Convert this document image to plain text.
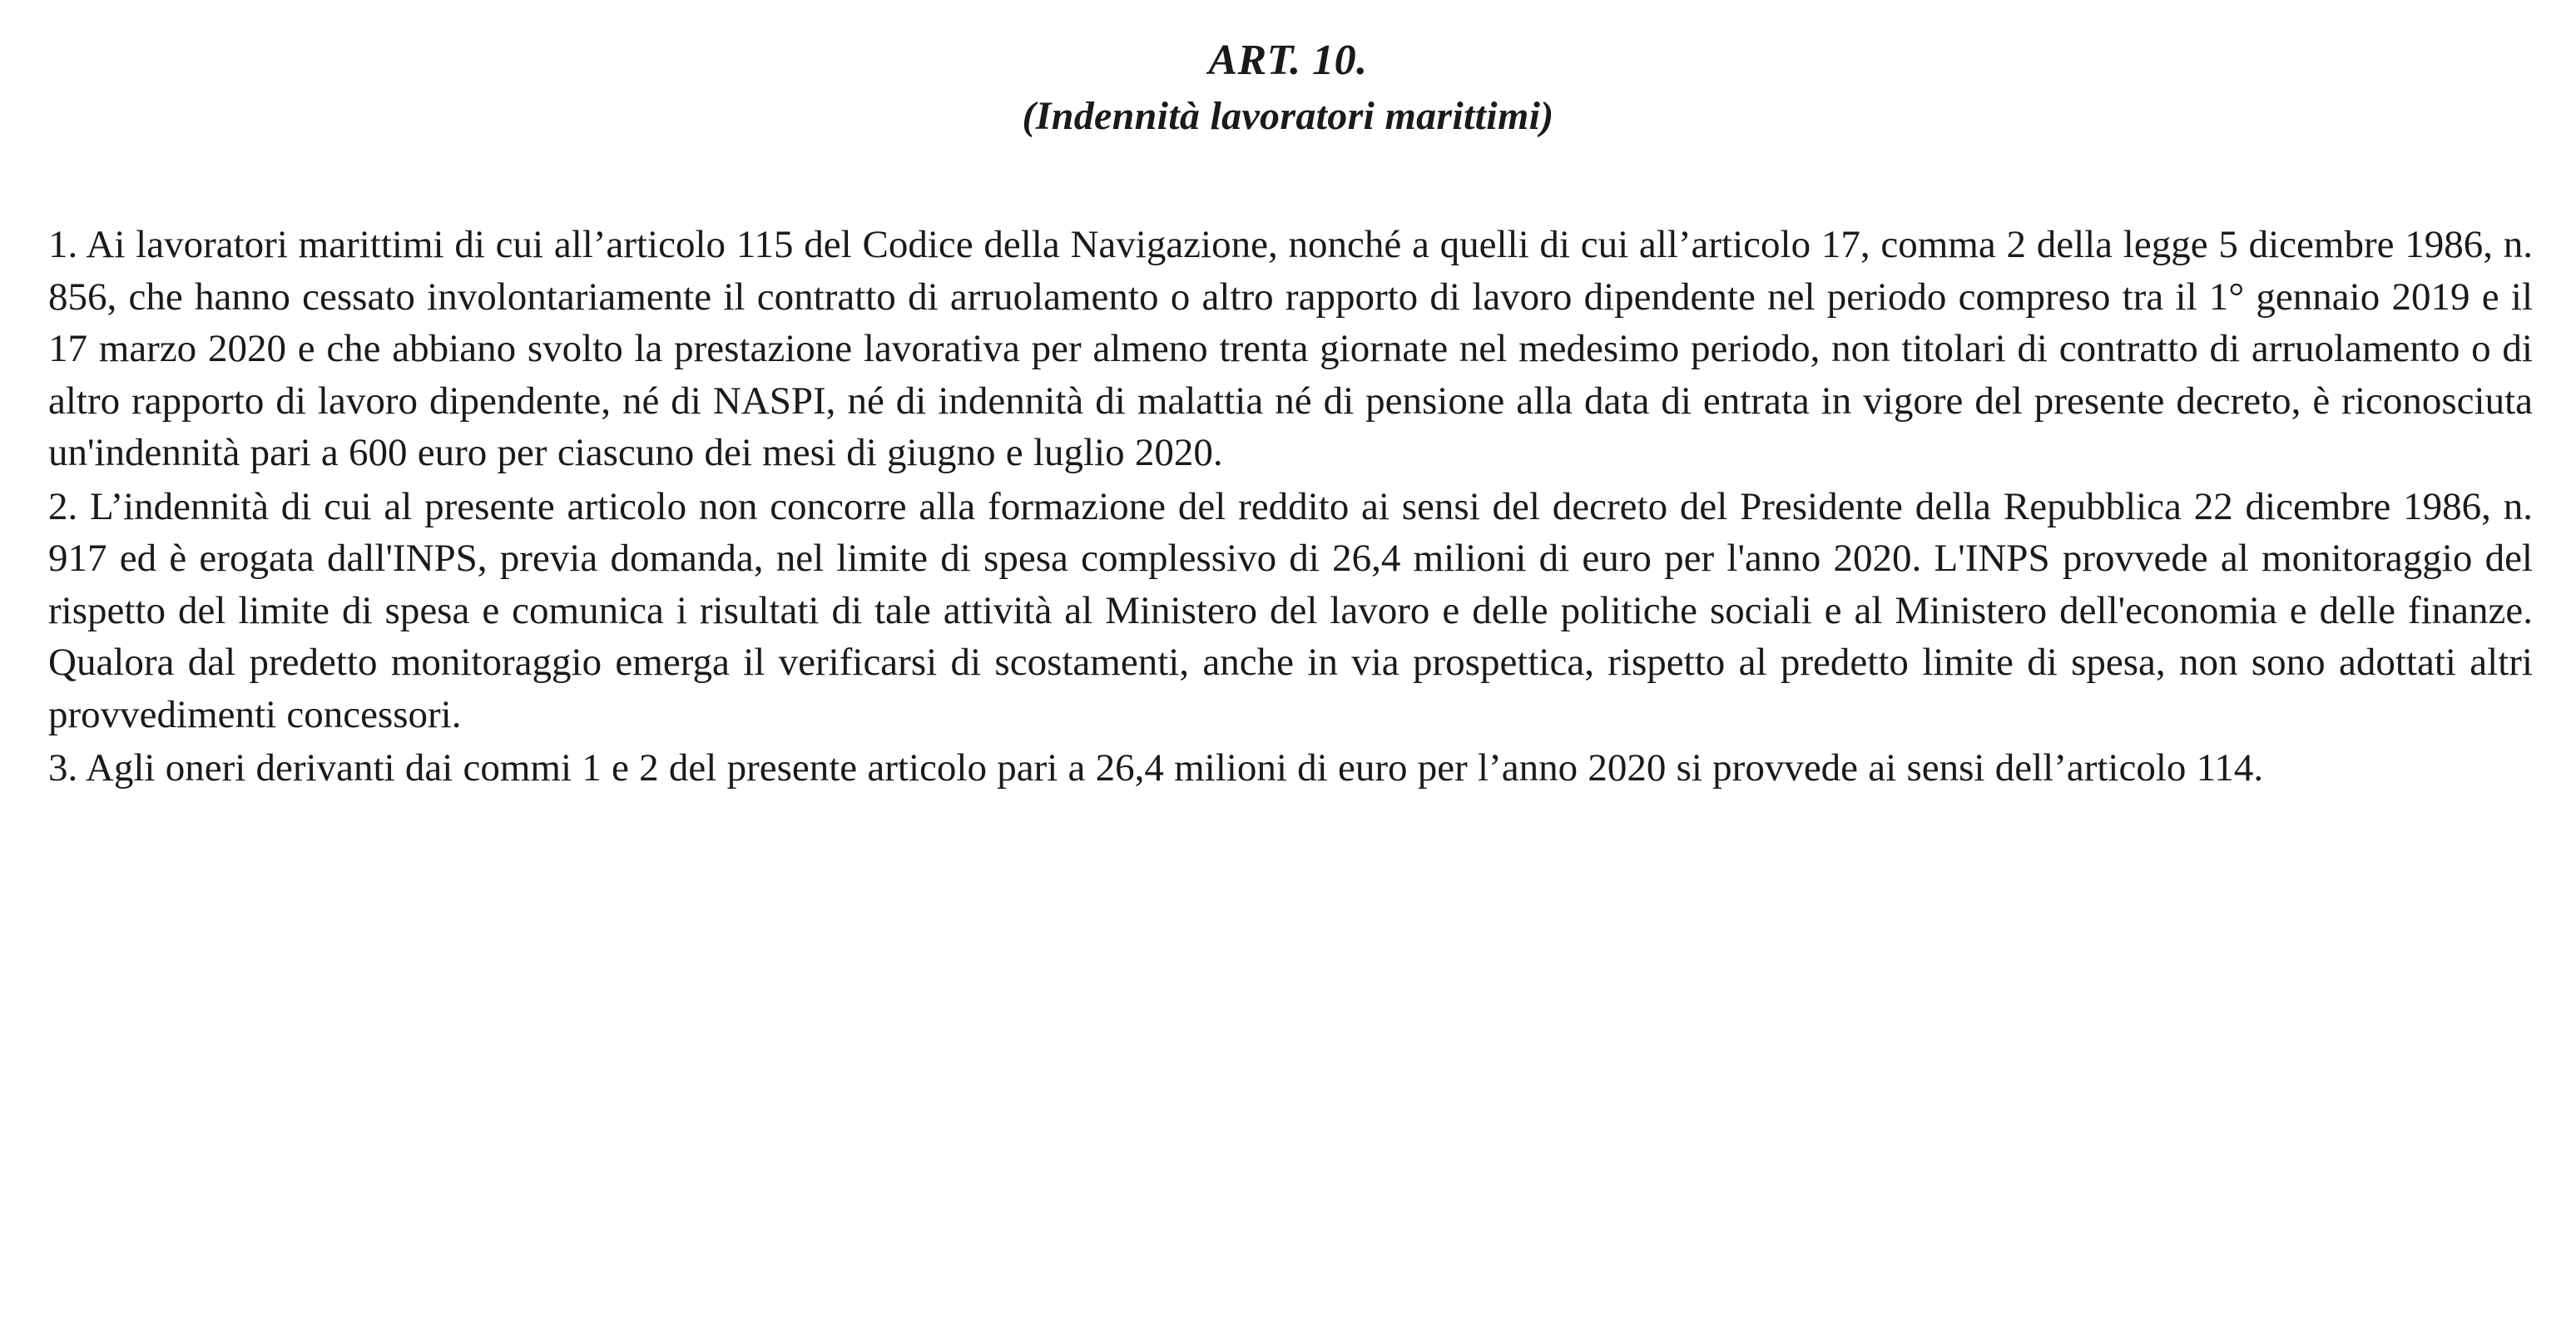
ART. 10.
(Indennità lavoratori marittimi)

1. Ai lavoratori marittimi di cui all’articolo 115 del Codice della Navigazione, nonché a quelli di cui all’articolo 17, comma 2 della legge 5 dicembre 1986, n. 856, che hanno cessato involontariamente il contratto di arruolamento o altro rapporto di lavoro dipendente nel periodo compreso tra il 1° gennaio 2019 e il 17 marzo 2020 e che abbiano svolto la prestazione lavorativa per almeno trenta giornate nel medesimo periodo, non titolari di contratto di arruolamento o di altro rapporto di lavoro dipendente, né di NASPI, né di indennità di malattia né di pensione alla data di entrata in vigore del presente decreto, è riconosciuta un'indennità pari a 600 euro per ciascuno dei mesi di giugno e luglio 2020.

2. L’indennità di cui al presente articolo non concorre alla formazione del reddito ai sensi del decreto del Presidente della Repubblica 22 dicembre 1986, n. 917 ed è erogata dall'INPS, previa domanda, nel limite di spesa complessivo di 26,4 milioni di euro per l'anno 2020. L'INPS provvede al monitoraggio del rispetto del limite di spesa e comunica i risultati di tale attività al Ministero del lavoro e delle politiche sociali e al Ministero dell'economia e delle finanze. Qualora dal predetto monitoraggio emerga il verificarsi di scostamenti, anche in via prospettica, rispetto al predetto limite di spesa, non sono adottati altri provvedimenti concessori.

3. Agli oneri derivanti dai commi 1 e 2 del presente articolo pari a 26,4 milioni di euro per l’anno 2020 si provvede ai sensi dell’articolo 114.
